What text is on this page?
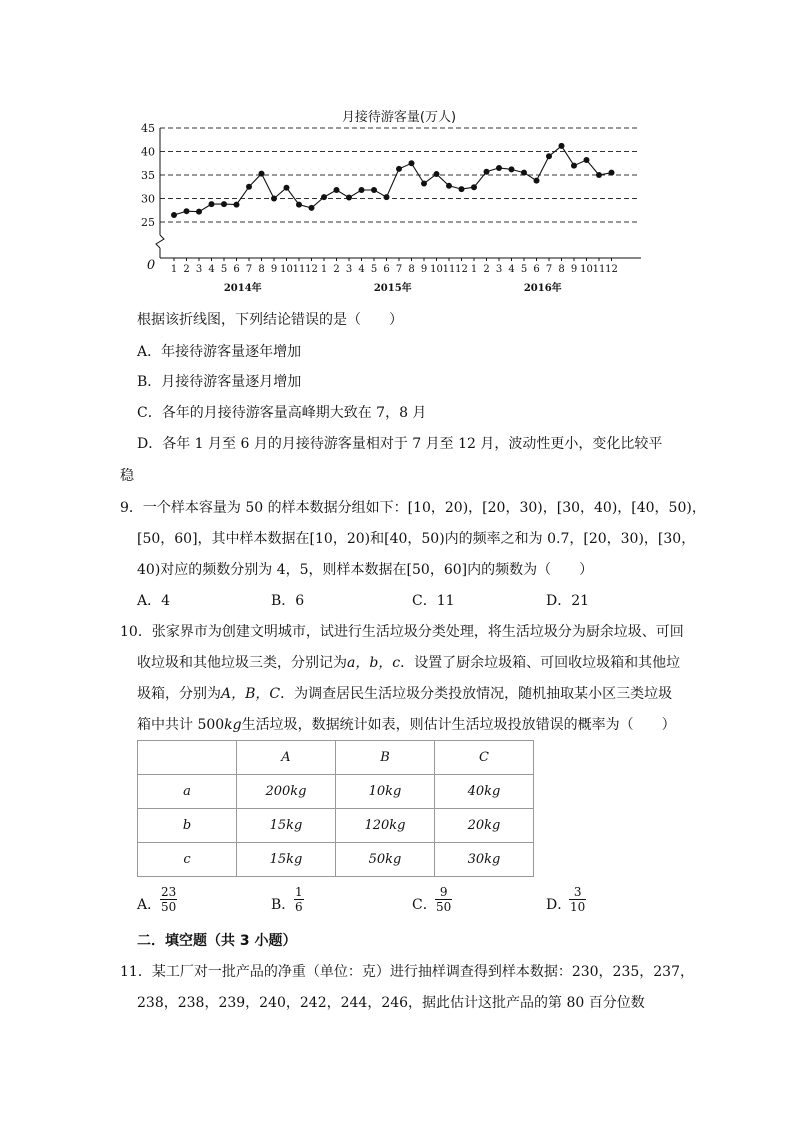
月接待游客量(万人)
25
30
35
40
45
1 2 3 4 5 6 7 8 9 10 11 12 1 2 3 4 5 6 7 8 9 10 11 12 1 2 3 4 5 6 7 8 9 10 11 12
2014年	2015年	2016年
0
根据该折线图，下列结论错误的是（　　）
A．年接待游客量逐年增加
B．月接待游客量逐月增加
C．各年的月接待游客量高峰期大致在 7，8 月
D．各年 1 月至 6 月的月接待游客量相对于 7 月至 12 月，波动性更小，变化比较平
稳
9．一个样本容量为 50 的样本数据分组如下：[10，20)，[20，30)，[30，40)，[40，50)，
[50，60]，其中样本数据在[10，20)和[40，50)内的频率之和为 0.7，[20，30)，[30，
40)对应的频数分别为 4，5，则样本数据在[50，60]内的频数为（　　）
A．4	B．6	C．11	D．21
10．张家界市为创建文明城市，试进行生活垃圾分类处理，将生活垃圾分为厨余垃圾、可回
收垃圾和其他垃圾三类，分别记为a，b，c．设置了厨余垃圾箱、可回收垃圾箱和其他垃
圾箱，分别为A，B，C．为调查居民生活垃圾分类投放情况，随机抽取某小区三类垃圾
箱中共计 500kg生活垃圾，数据统计如表，则估计生活垃圾投放错误的概率为（　　）
	A	B	C
a	200kg	10kg	40kg
b	15kg	120kg	20kg
c	15kg	50kg	30kg
A．
$\frac{23}{50}$	B．
$\frac{1}{6}$	C．
$\frac{9}{50}$	D．
$\frac{3}{10}$
二．填空题（共 3 小题）
11．某工厂对一批产品的净重（单位：克）进行抽样调查得到样本数据：230，235，237，
238，238，239，240，242，244，246，据此估计这批产品的第 80 百分位数
